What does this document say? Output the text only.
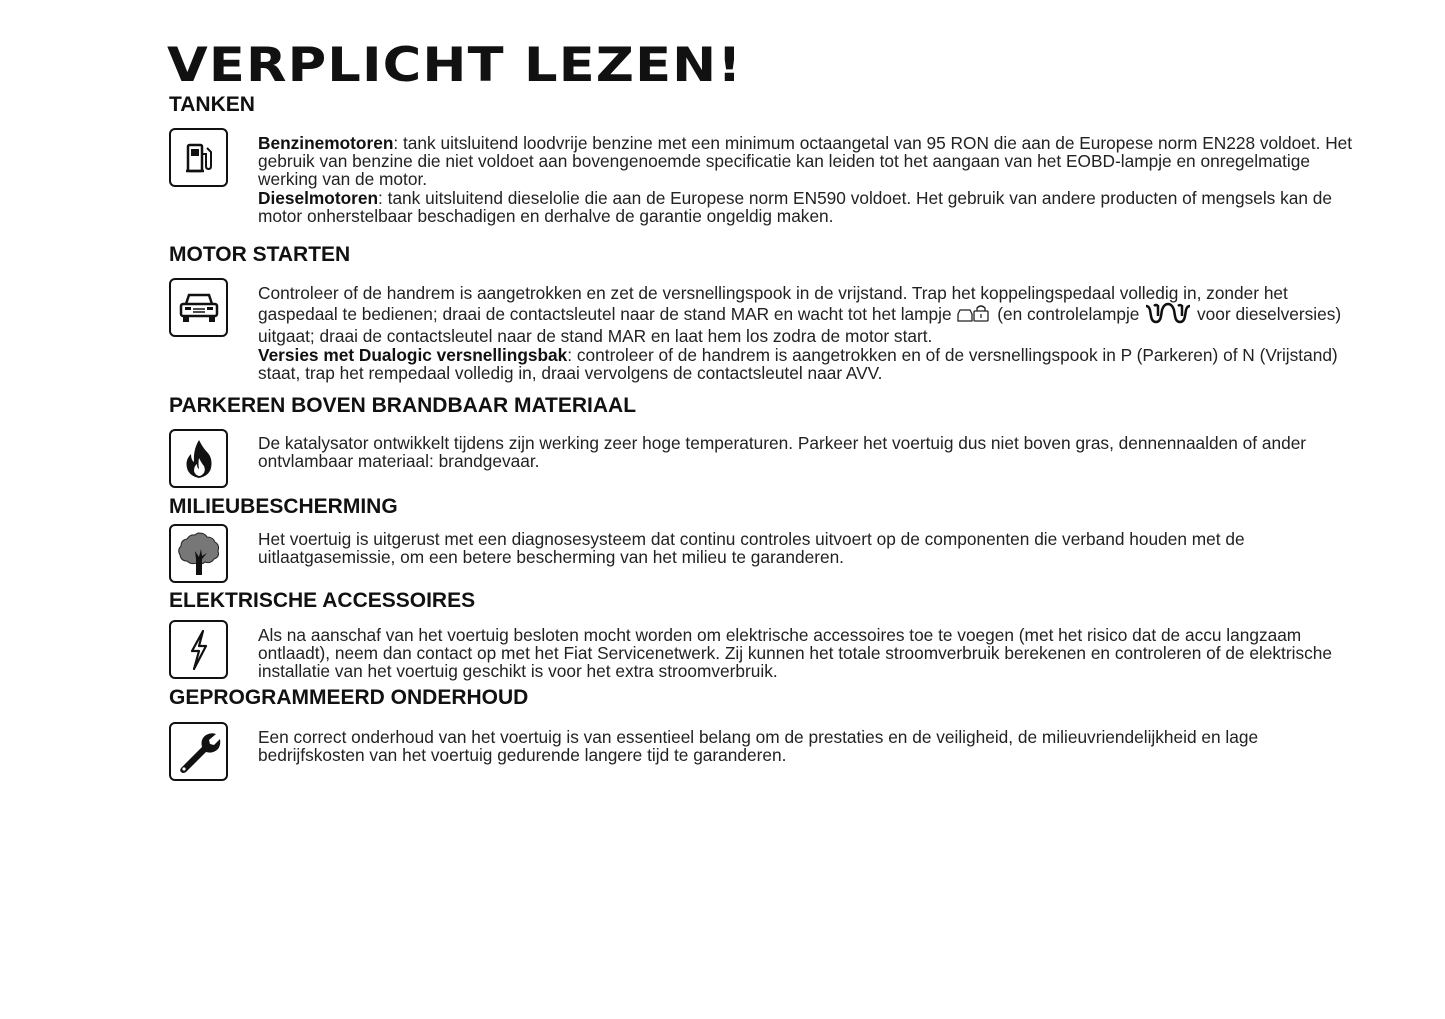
VERPLICHT LEZEN!
TANKEN

Benzinemotoren: tank uitsluitend loodvrije benzine met een minimum octaangetal van 95 RON die aan de Europese norm EN228 voldoet. Het gebruik van benzine die niet voldoet aan bovengenoemde specificatie kan leiden tot het aangaan van het EOBD-lampje en onregelmatige werking van de motor.

Dieselmotoren: tank uitsluitend dieselolie die aan de Europese norm EN590 voldoet. Het gebruik van andere producten of mengsels kan de motor onherstelbaar beschadigen en derhalve de garantie ongeldig maken.

MOTOR STARTEN

Controleer of de handrem is aangetrokken en zet de versnellingspook in de vrijstand. Trap het koppelingspedaal volledig in, zonder het gaspedaal te bedienen; draai de contactsleutel naar de stand MAR en wacht tot het lampje  (en controlelampje	voor dieselversies) uitgaat; draai de contactsleutel naar de stand MAR en laat hem los zodra de motor start.

Versies met Dualogic versnellingsbak: controleer of de handrem is aangetrokken en of de versnellingspook in P (Parkeren) of N (Vrijstand) staat, trap het rempedaal volledig in, draai vervolgens de contactsleutel naar AVV.

PARKEREN BOVEN BRANDBAAR MATERIAAL
De katalysator ontwikkelt tijdens zijn werking zeer hoge temperaturen. Parkeer het voertuig dus niet boven gras, dennennaalden of ander ontvlambaar materiaal: brandgevaar.
MILIEUBESCHERMING
Het voertuig is uitgerust met een diagnosesysteem dat continu controles uitvoert op de componenten die verband houden met de uitlaatgasemissie, om een betere bescherming van het milieu te garanderen.
ELEKTRISCHE ACCESSOIRES
Als na aanschaf van het voertuig besloten mocht worden om elektrische accessoires toe te voegen (met het risico dat de accu langzaam ontlaadt), neem dan contact op met het Fiat Servicenetwerk. Zij kunnen het totale stroomverbruik berekenen en controleren of de elektrische installatie van het voertuig geschikt is voor het extra stroomverbruik.
GEPROGRAMMEERD ONDERHOUD
Een correct onderhoud van het voertuig is van essentieel belang om de prestaties en de veiligheid, de milieuvriendelijkheid en lage bedrijfskosten van het voertuig gedurende langere tijd te garanderen.
